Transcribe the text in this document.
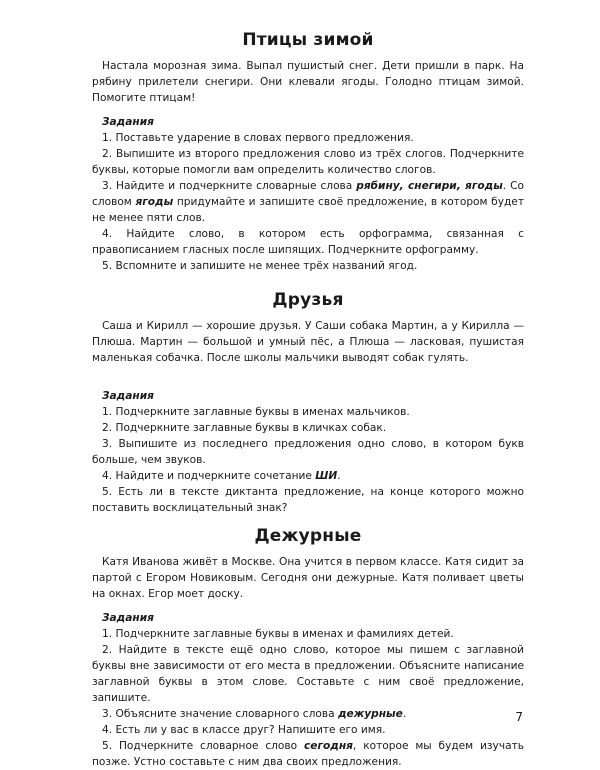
Птицы зимой

Настала морозная зима. Выпал пушистый снег. Дети пришли в парк. На рябину прилетели снегири. Они клевали ягоды. Голодно птицам зимой. Помогите птицам!

Задания

1. Поставьте ударение в словах первого предложения.

2. Выпишите из второго предложения слово из трёх слогов. Подчеркните буквы, которые помогли вам определить количество слогов.

3. Найдите и подчеркните словарные слова рябину, снегири, ягоды. Со словом ягоды придумайте и запишите своё предложение, в котором будет не менее пяти слов.

4. Найдите слово, в котором есть орфограмма, связанная с правописанием гласных после шипящих. Подчеркните орфограмму.

5. Вспомните и запишите не менее трёх названий ягод.

Друзья

Саша и Кирилл — хорошие друзья. У Саши собака Мартин, а у Кирилла — Плюша. Мартин — большой и умный пёс, а Плюша — ласковая, пушистая маленькая собачка. После школы мальчики выводят собак гулять.

Задания

1. Подчеркните заглавные буквы в именах мальчиков.

2. Подчеркните заглавные буквы в кличках собак.

3. Выпишите из последнего предложения одно слово, в котором букв больше, чем звуков.

4. Найдите и подчеркните сочетание ШИ.

5. Есть ли в тексте диктанта предложение, на конце которого можно поставить восклицательный знак?

Дежурные

Катя Иванова живёт в Москве. Она учится в первом классе. Катя сидит за партой с Егором Новиковым. Сегодня они дежурные. Катя поливает цветы на окнах. Егор моет доску.

Задания

1. Подчеркните заглавные буквы в именах и фамилиях детей.

2. Найдите в тексте ещё одно слово, которое мы пишем с заглавной буквы вне зависимости от его места в предложении. Объясните написание заглавной буквы в этом слове. Составьте с ним своё предложение, запишите.

3. Объясните значение словарного слова дежурные.

4. Есть ли у вас в классе друг? Напишите его имя.

5. Подчеркните словарное слово сегодня, которое мы будем изучать позже. Устно составьте с ним два своих предложения.

7
